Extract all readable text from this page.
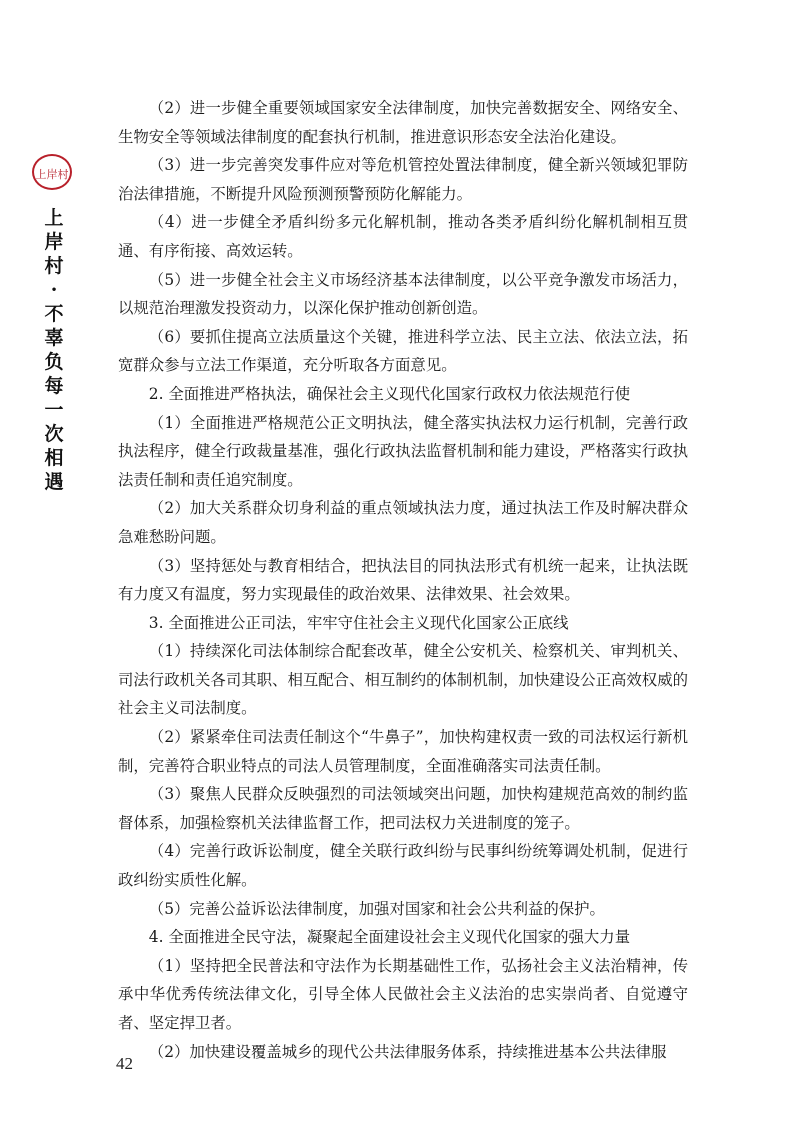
上岸村
上岸村·不辜负每一次相遇

（2）进一步健全重要领域国家安全法律制度，加快完善数据安全、网络安全、生物安全等领域法律制度的配套执行机制，推进意识形态安全法治化建设。

（3）进一步完善突发事件应对等危机管控处置法律制度，健全新兴领域犯罪防治法律措施，不断提升风险预测预警预防化解能力。

（4）进一步健全矛盾纠纷多元化解机制，推动各类矛盾纠纷化解机制相互贯通、有序衔接、高效运转。

（5）进一步健全社会主义市场经济基本法律制度，以公平竞争激发市场活力，以规范治理激发投资动力，以深化保护推动创新创造。

（6）要抓住提高立法质量这个关键，推进科学立法、民主立法、依法立法，拓宽群众参与立法工作渠道，充分听取各方面意见。

2. 全面推进严格执法，确保社会主义现代化国家行政权力依法规范行使

（1）全面推进严格规范公正文明执法，健全落实执法权力运行机制，完善行政执法程序，健全行政裁量基准，强化行政执法监督机制和能力建设，严格落实行政执法责任制和责任追究制度。

（2）加大关系群众切身利益的重点领域执法力度，通过执法工作及时解决群众急难愁盼问题。

（3）坚持惩处与教育相结合，把执法目的同执法形式有机统一起来，让执法既有力度又有温度，努力实现最佳的政治效果、法律效果、社会效果。

3. 全面推进公正司法，牢牢守住社会主义现代化国家公正底线

（1）持续深化司法体制综合配套改革，健全公安机关、检察机关、审判机关、司法行政机关各司其职、相互配合、相互制约的体制机制，加快建设公正高效权威的社会主义司法制度。

（2）紧紧牵住司法责任制这个“牛鼻子”，加快构建权责一致的司法权运行新机制，完善符合职业特点的司法人员管理制度，全面准确落实司法责任制。

（3）聚焦人民群众反映强烈的司法领域突出问题，加快构建规范高效的制约监督体系，加强检察机关法律监督工作，把司法权力关进制度的笼子。

（4）完善行政诉讼制度，健全关联行政纠纷与民事纠纷统筹调处机制，促进行政纠纷实质性化解。

（5）完善公益诉讼法律制度，加强对国家和社会公共利益的保护。

4. 全面推进全民守法，凝聚起全面建设社会主义现代化国家的强大力量

（1）坚持把全民普法和守法作为长期基础性工作，弘扬社会主义法治精神，传承中华优秀传统法律文化，引导全体人民做社会主义法治的忠实崇尚者、自觉遵守者、坚定捍卫者。

（2）加快建设覆盖城乡的现代公共法律服务体系，持续推进基本公共法律服

42
